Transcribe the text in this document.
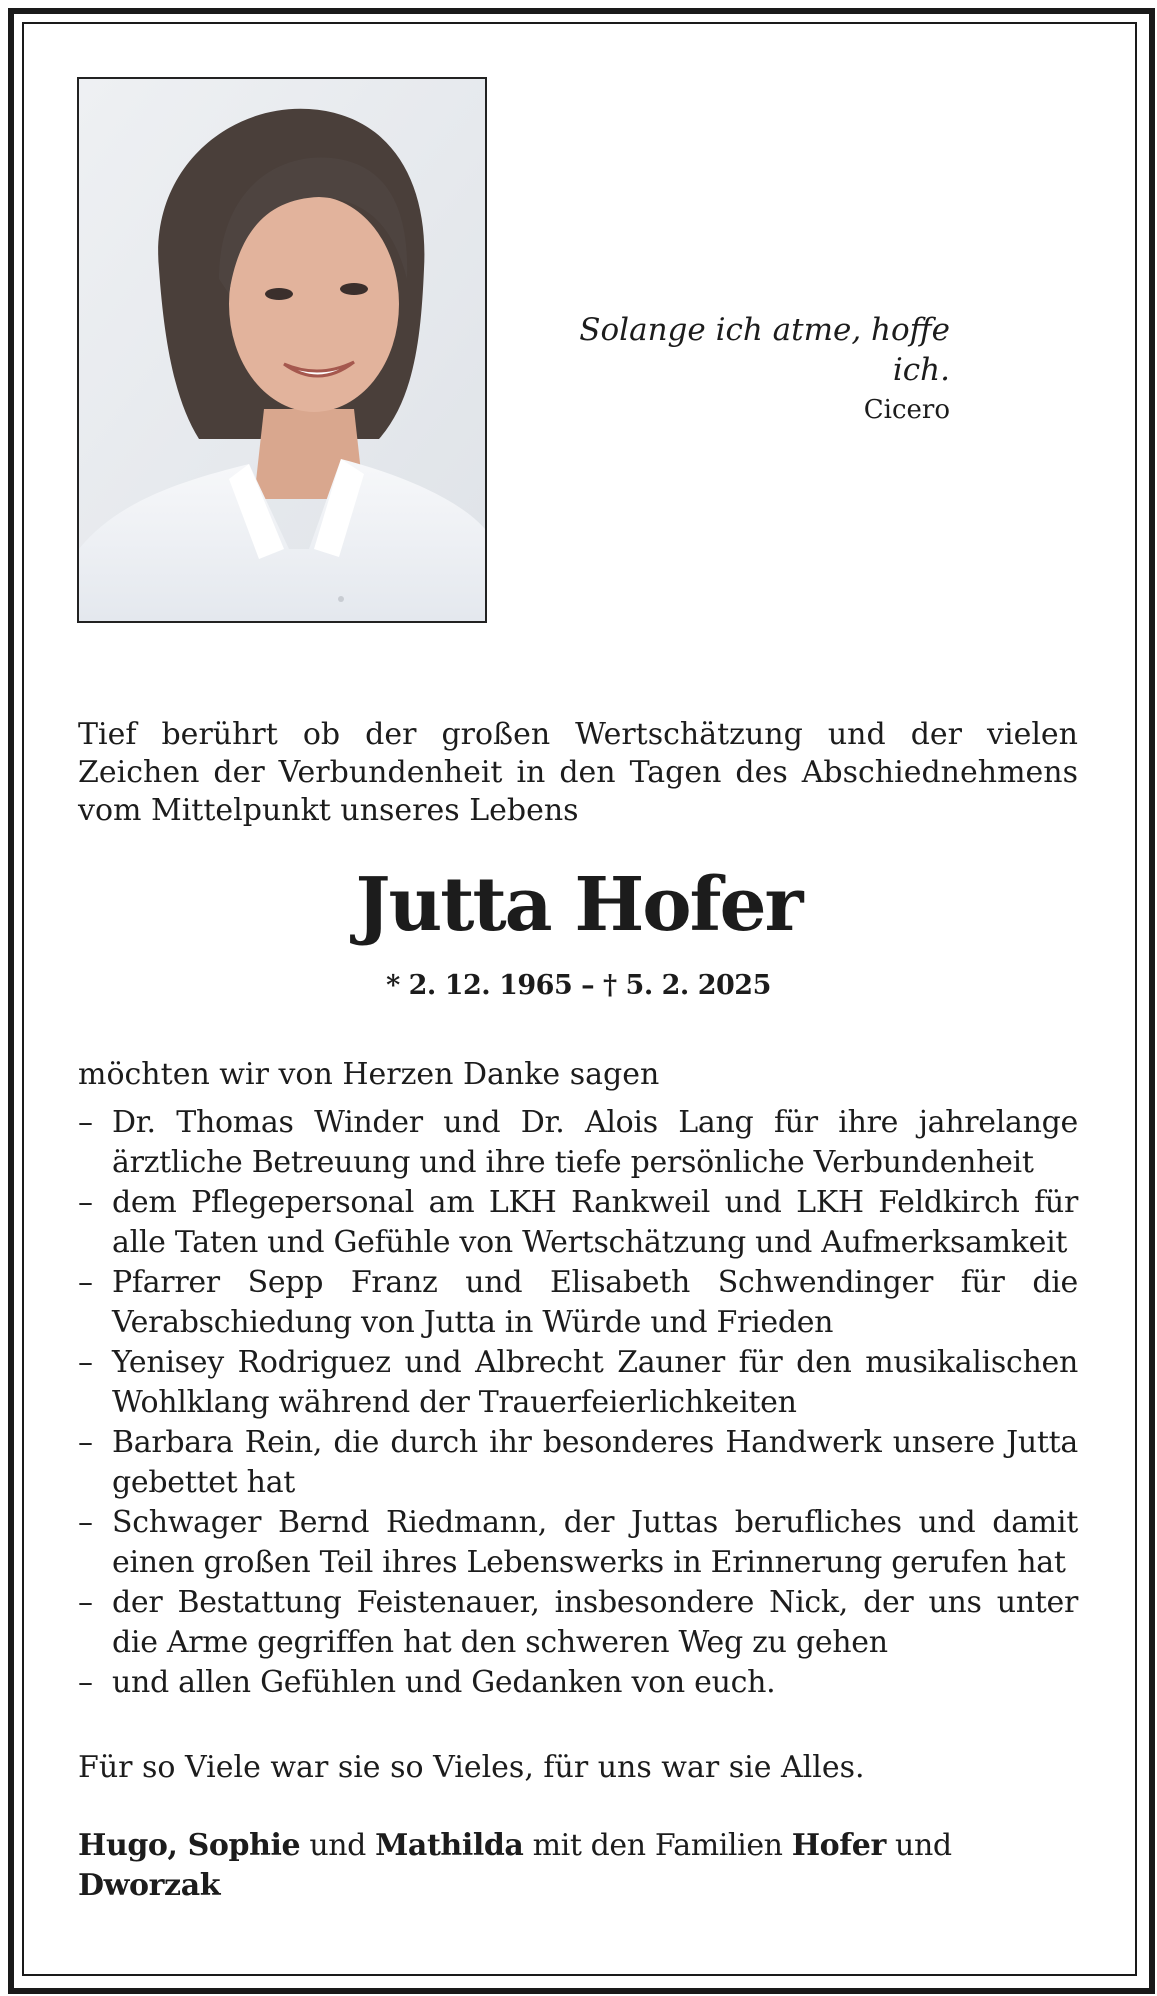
Solange ich atme, hoffe ich.
Cicero
Tief berührt ob der großen Wertschätzung und der vielen Zeichen der Verbundenheit in den Tagen des Abschiednehmens vom Mittelpunkt unseres Lebens
Jutta Hofer
* 2. 12. 1965 – † 5. 2. 2025
möchten wir von Herzen Danke sagen
– Dr. Thomas Winder und Dr. Alois Lang für ihre jahrelange ärztliche Betreuung und ihre tiefe persönliche Verbundenheit
– dem Pflegepersonal am LKH Rankweil und LKH Feldkirch für alle Taten und Gefühle von Wertschätzung und Aufmerksamkeit
– Pfarrer Sepp Franz und Elisabeth Schwendinger für die Verabschiedung von Jutta in Würde und Frieden
– Yenisey Rodriguez und Albrecht Zauner für den musikalischen Wohlklang während der Trauerfeierlichkeiten
– Barbara Rein, die durch ihr besonderes Handwerk unsere Jutta gebettet hat
– Schwager Bernd Riedmann, der Juttas berufliches und damit einen großen Teil ihres Lebenswerks in Erinnerung gerufen hat
– der Bestattung Feistenauer, insbesondere Nick, der uns unter die Arme gegriffen hat den schweren Weg zu gehen
– und allen Gefühlen und Gedanken von euch.
Für so Viele war sie so Vieles, für uns war sie Alles.
Hugo, Sophie und Mathilda mit den Familien Hofer und Dworzak
